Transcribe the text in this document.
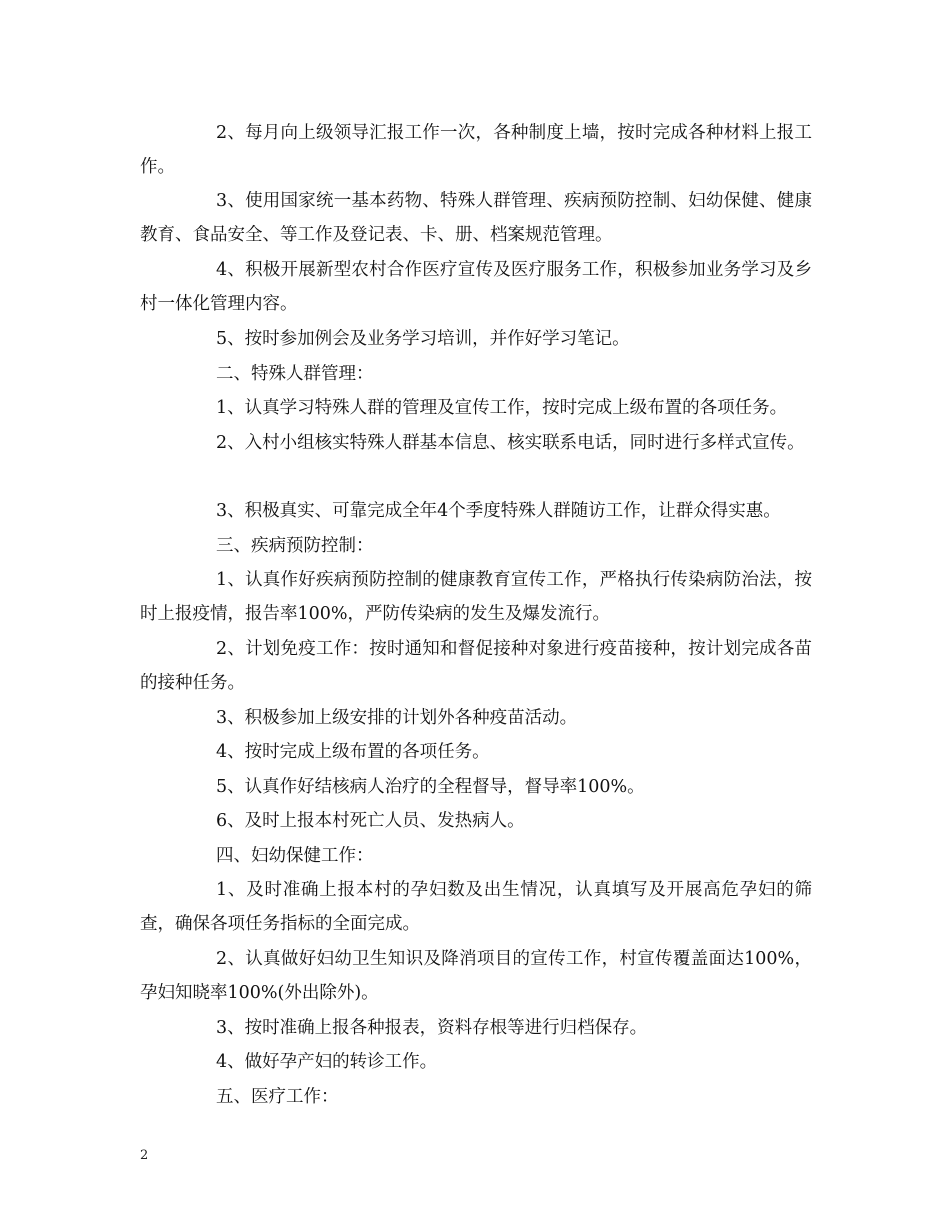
2、每月向上级领导汇报工作一次，各种制度上墙，按时完成各种材料上报工作。
3、使用国家统一基本药物、特殊人群管理、疾病预防控制、妇幼保健、健康教育、食品安全、等工作及登记表、卡、册、档案规范管理。
4、积极开展新型农村合作医疗宣传及医疗服务工作，积极参加业务学习及乡村一体化管理内容。
5、按时参加例会及业务学习培训，并作好学习笔记。
二、特殊人群管理：
1、认真学习特殊人群的管理及宣传工作，按时完成上级布置的各项任务。
2、入村小组核实特殊人群基本信息、核实联系电话，同时进行多样式宣传。
3、积极真实、可靠完成全年4个季度特殊人群随访工作，让群众得实惠。
三、疾病预防控制：
1、认真作好疾病预防控制的健康教育宣传工作，严格执行传染病防治法，按时上报疫情，报告率100%，严防传染病的发生及爆发流行。
2、计划免疫工作：按时通知和督促接种对象进行疫苗接种，按计划完成各苗的接种任务。
3、积极参加上级安排的计划外各种疫苗活动。
4、按时完成上级布置的各项任务。
5、认真作好结核病人治疗的全程督导，督导率100%。
6、及时上报本村死亡人员、发热病人。
四、妇幼保健工作：
1、及时准确上报本村的孕妇数及出生情况，认真填写及开展高危孕妇的筛查，确保各项任务指标的全面完成。
2、认真做好妇幼卫生知识及降消项目的宣传工作，村宣传覆盖面达100%，孕妇知晓率100%(外出除外)。
3、按时准确上报各种报表，资料存根等进行归档保存。
4、做好孕产妇的转诊工作。
五、医疗工作：
2
